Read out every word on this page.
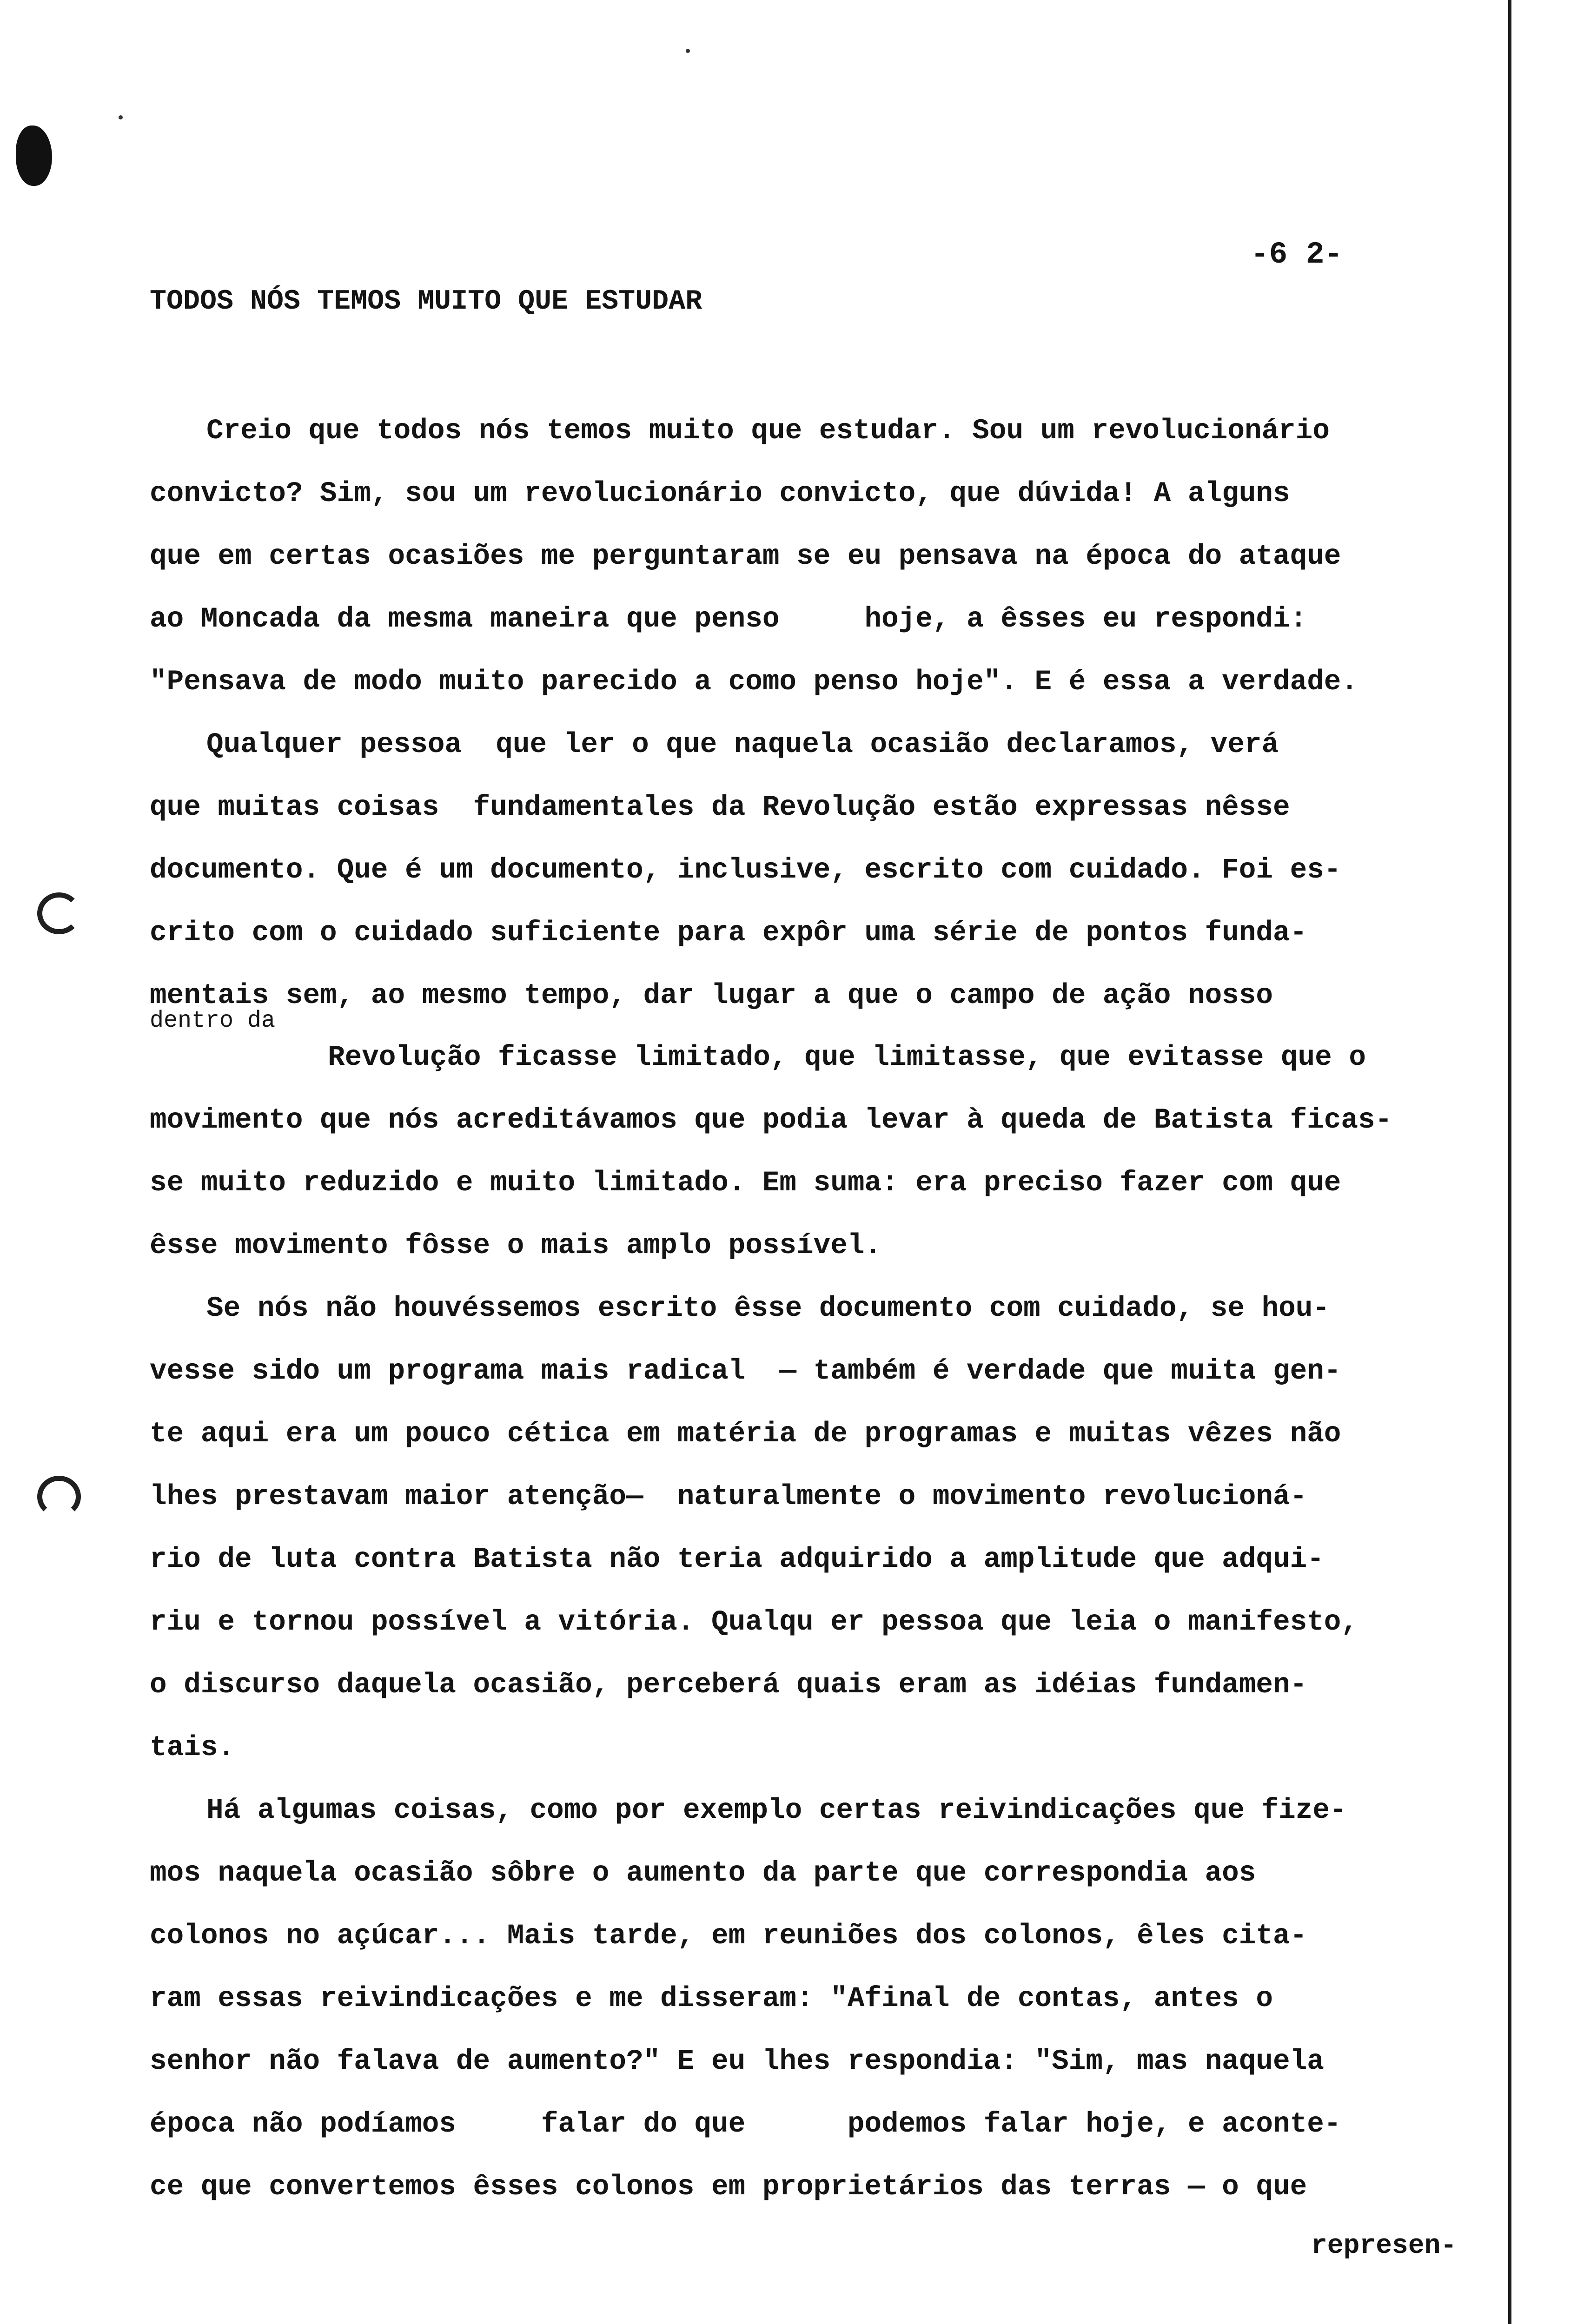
-6 2-
TODOS NÓS TEMOS MUITO QUE ESTUDAR
Creio que todos nós temos muito que estudar. Sou um revolucionário
convicto? Sim, sou um revolucionário convicto, que dúvida! A alguns
que em certas ocasiões me perguntaram se eu pensava na época do ataque
ao Moncada da mesma maneira que penso     hoje, a êsses eu respondi:
"Pensava de modo muito parecido a como penso hoje". E é essa a verdade.
Qualquer pessoa  que ler o que naquela ocasião declaramos, verá
que muitas coisas  fundamentales da Revolução estão expressas nêsse
documento. Que é um documento, inclusive, escrito com cuidado. Foi es-
crito com o cuidado suficiente para expôr uma série de pontos funda-
mentais sem, ao mesmo tempo, dar lugar a que o campo de ação nosso
dentro da
Revolução ficasse limitado, que limitasse, que evitasse que o
movimento que nós acreditávamos que podia levar à queda de Batista ficas-
se muito reduzido e muito limitado. Em suma: era preciso fazer com que
êsse movimento fôsse o mais amplo possível.
Se nós não houvéssemos escrito êsse documento com cuidado, se hou-
vesse sido um programa mais radical  — também é verdade que muita gen-
te aqui era um pouco cética em matéria de programas e muitas vêzes não
lhes prestavam maior atenção—  naturalmente o movimento revolucioná-
rio de luta contra Batista não teria adquirido a amplitude que adqui-
riu e tornou possível a vitória. Qualqu er pessoa que leia o manifesto,
o discurso daquela ocasião, perceberá quais eram as idéias fundamen-
tais.
Há algumas coisas, como por exemplo certas reivindicações que fize-
mos naquela ocasião sôbre o aumento da parte que correspondia aos
colonos no açúcar... Mais tarde, em reuniões dos colonos, êles cita-
ram essas reivindicações e me disseram: "Afinal de contas, antes o
senhor não falava de aumento?" E eu lhes respondia: "Sim, mas naquela
época não podíamos     falar do que      podemos falar hoje, e aconte-
ce que convertemos êsses colonos em proprietários das terras — o que
represen-
